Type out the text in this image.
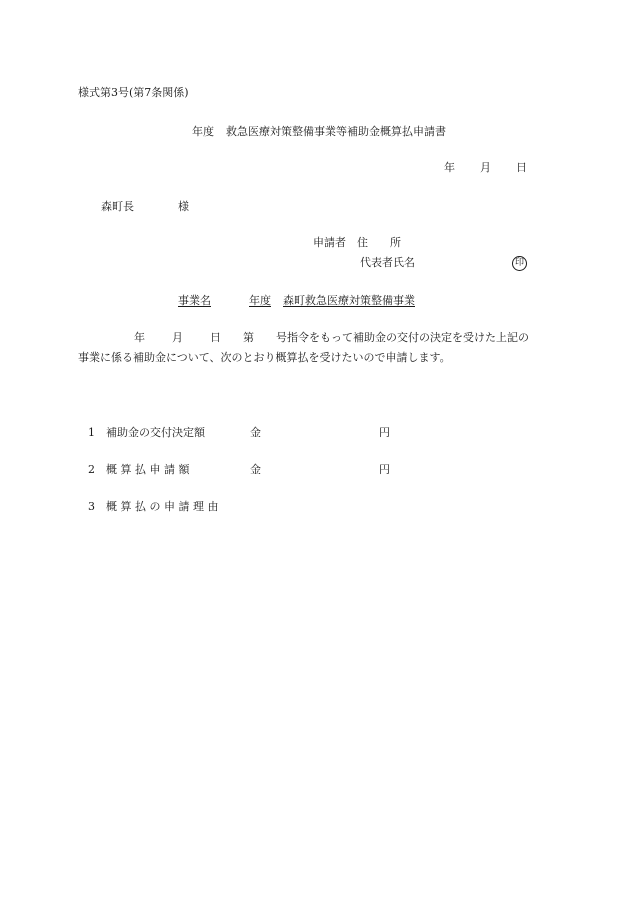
様式第3号(第7条関係)
年度 救急医療対策整備事業等補助金概算払申請書
年 月 日
森町長	様
申請者 住　　所
代表者氏名	印
事業名	年度 森町救急医療対策整備事業
年 月 日 第 号指令をもって補助金の交付の決定を受けた上記の
事業に係る補助金について、次のとおり概算払を受けたいので申請します。
1 補助金の交付決定額	金	円
2 概 算 払 申 請 額	金	円
3 概 算 払 の 申 請 理 由
